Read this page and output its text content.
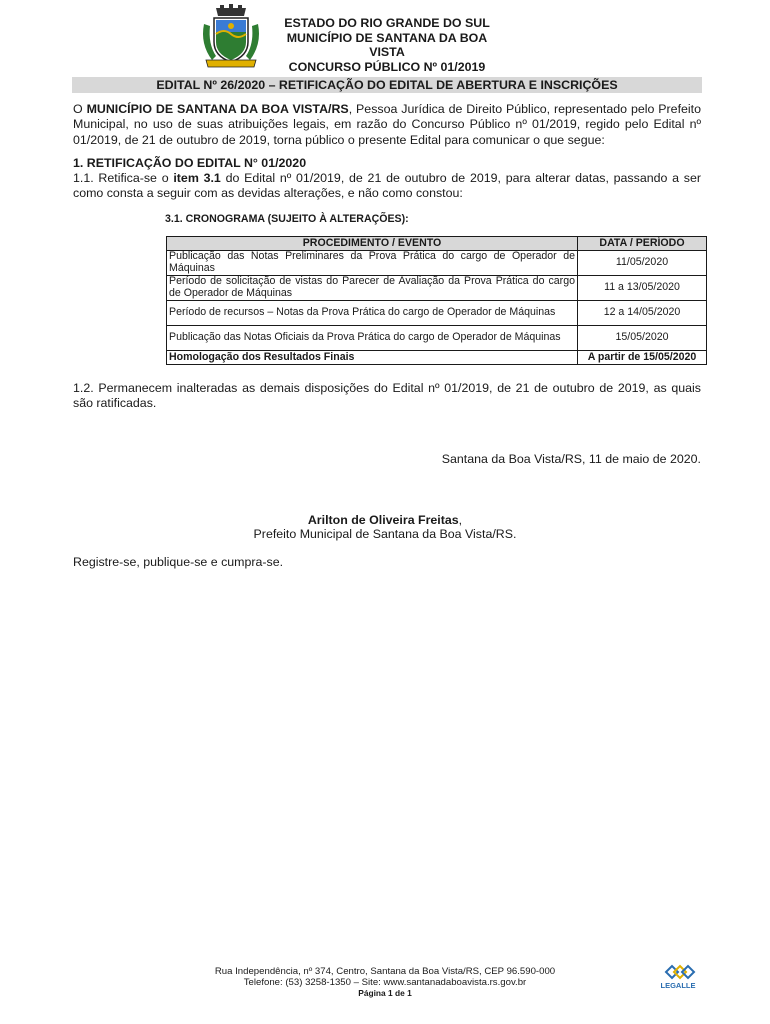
ESTADO DO RIO GRANDE DO SUL
MUNICÍPIO DE SANTANA DA BOA VISTA
CONCURSO PÚBLICO Nº 01/2019
EDITAL Nº 26/2020 – RETIFICAÇÃO DO EDITAL DE ABERTURA E INSCRIÇÕES

O MUNICÍPIO DE SANTANA DA BOA VISTA/RS, Pessoa Jurídica de Direito Público, representado pelo Prefeito Municipal, no uso de suas atribuições legais, em razão do Concurso Público nº 01/2019, regido pelo Edital nº 01/2019, de 21 de outubro de 2019, torna público o presente Edital para comunicar o que segue:

1. RETIFICAÇÃO DO EDITAL N° 01/2020

1.1. Retifica-se o item 3.1 do Edital nº 01/2019, de 21 de outubro de 2019, para alterar datas, passando a ser como consta a seguir com as devidas alterações, e não como constou:

3.1. CRONOGRAMA (SUJEITO À ALTERAÇÕES):
PROCEDIMENTO / EVENTO	DATA / PERÍODO
Publicação das Notas Preliminares da Prova Prática do cargo de Operador de Máquinas	11/05/2020
Período de solicitação de vistas do Parecer de Avaliação da Prova Prática do cargo de Operador de Máquinas	11 a 13/05/2020
Período de recursos – Notas da Prova Prática do cargo de Operador de Máquinas	12 a 14/05/2020
Publicação das Notas Oficiais da Prova Prática do cargo de Operador de Máquinas	15/05/2020
Homologação dos Resultados Finais	A partir de 15/05/2020

1.2. Permanecem inalteradas as demais disposições do Edital nº 01/2019, de 21 de outubro de 2019, as quais são ratificadas.

Santana da Boa Vista/RS, 11 de maio de 2020.
Arilton de Oliveira Freitas,
Prefeito Municipal de Santana da Boa Vista/RS.
Registre-se, publique-se e cumpra-se.
Rua Independência, nº 374, Centro, Santana da Boa Vista/RS, CEP 96.590-000
Telefone: (53) 3258-1350 – Site: www.santanadaboavista.rs.gov.br
Página 1 de 1
LEGALLE
